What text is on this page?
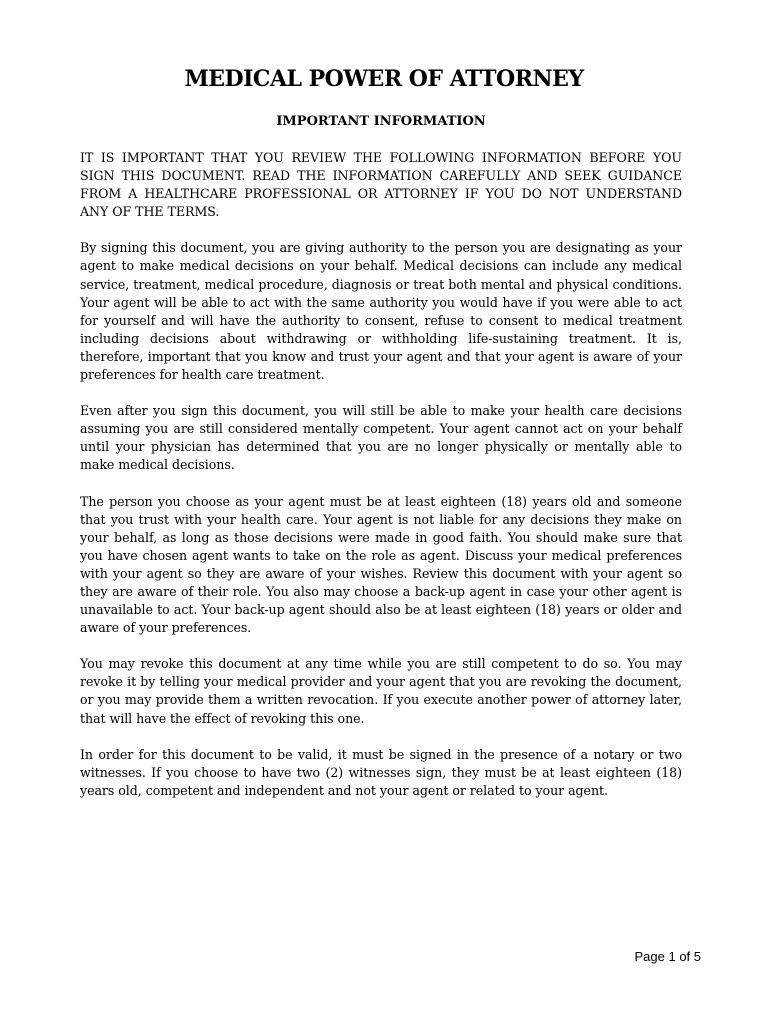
MEDICAL POWER OF ATTORNEY
IMPORTANT INFORMATION

IT IS IMPORTANT THAT YOU REVIEW THE FOLLOWING INFORMATION BEFORE YOU SIGN THIS DOCUMENT. READ THE INFORMATION CAREFULLY AND SEEK GUIDANCE FROM A HEALTHCARE PROFESSIONAL OR ATTORNEY IF YOU DO NOT UNDERSTAND ANY OF THE TERMS.

By signing this document, you are giving authority to the person you are designating as your agent to make medical decisions on your behalf. Medical decisions can include any medical service, treatment, medical procedure, diagnosis or treat both mental and physical conditions. Your agent will be able to act with the same authority you would have if you were able to act for yourself and will have the authority to consent, refuse to consent to medical treatment including decisions about withdrawing or withholding life-sustaining treatment. It is, therefore, important that you know and trust your agent and that your agent is aware of your preferences for health care treatment.

Even after you sign this document, you will still be able to make your health care decisions assuming you are still considered mentally competent. Your agent cannot act on your behalf until your physician has determined that you are no longer physically or mentally able to make medical decisions.

The person you choose as your agent must be at least eighteen (18) years old and someone that you trust with your health care. Your agent is not liable for any decisions they make on your behalf, as long as those decisions were made in good faith. You should make sure that you have chosen agent wants to take on the role as agent. Discuss your medical preferences with your agent so they are aware of your wishes. Review this document with your agent so they are aware of their role. You also may choose a back-up agent in case your other agent is unavailable to act. Your back-up agent should also be at least eighteen (18) years or older and aware of your preferences.

You may revoke this document at any time while you are still competent to do so. You may revoke it by telling your medical provider and your agent that you are revoking the document, or you may provide them a written revocation. If you execute another power of attorney later, that will have the effect of revoking this one.

In order for this document to be valid, it must be signed in the presence of a notary or two witnesses. If you choose to have two (2) witnesses sign, they must be at least eighteen (18) years old, competent and independent and not your agent or related to your agent.

Page 1 of 5
